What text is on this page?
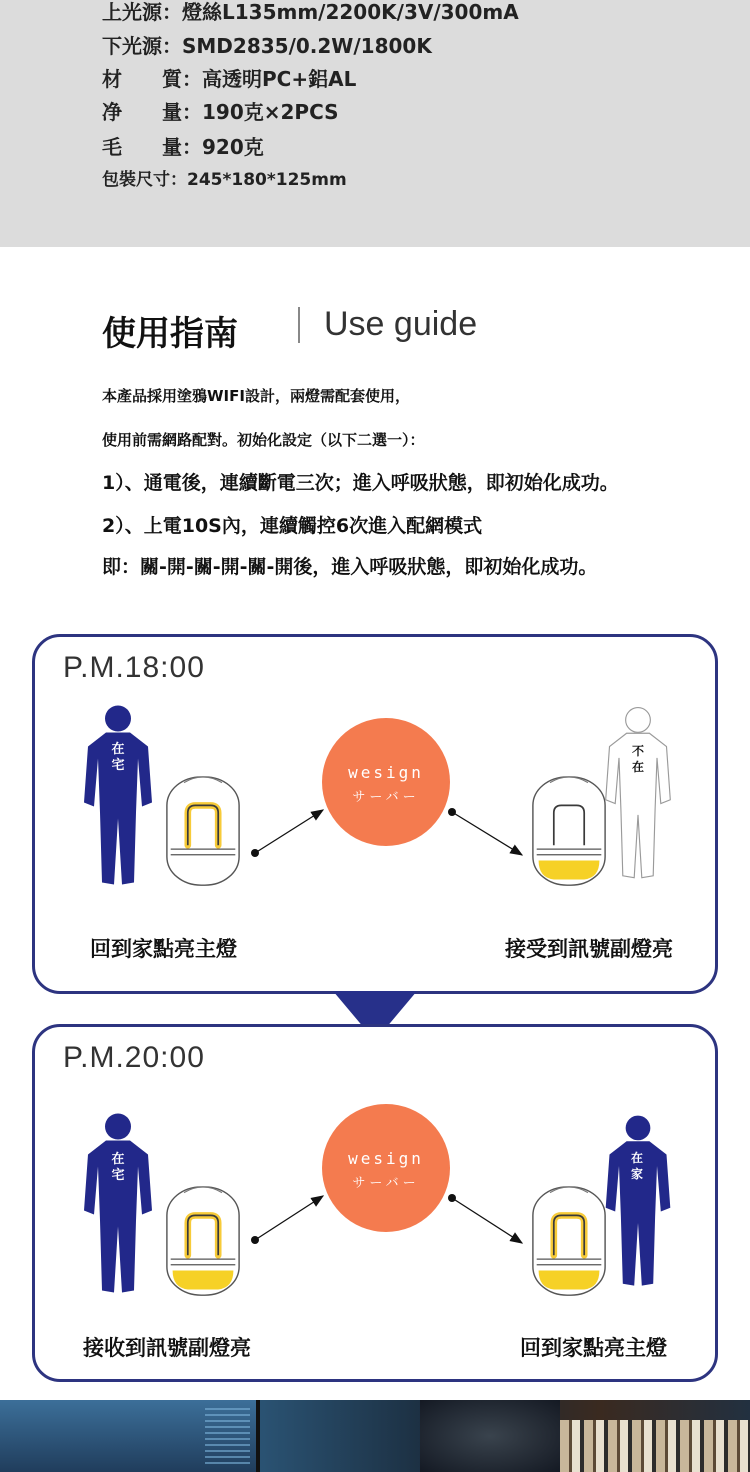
上光源：燈絲L135mm/2200K/3V/300mA
下光源：SMD2835/0.2W/1800K
材　　質：高透明PC+鋁AL
净　　量：190克×2PCS
毛　　量：920克
包裝尺寸：245*180*125mm
使用指南	Use guide
本產品採用塗鴉WIFI設計，兩燈需配套使用，
使用前需網路配對。初始化設定（以下二選一）：
1）、通電後，連續斷電三次；進入呼吸狀態，即初始化成功。
2）、上電10S內，連續觸控6次進入配網模式
即：關-開-關-開-關-開後，進入呼吸狀態，即初始化成功。
P.M.18:00
回到家點亮主燈	接受到訊號副燈亮
在宅	wesign
サーバー
不在
P.M.20:00
接收到訊號副燈亮	回到家點亮主燈
在宅
wesign
サーバー
在家
